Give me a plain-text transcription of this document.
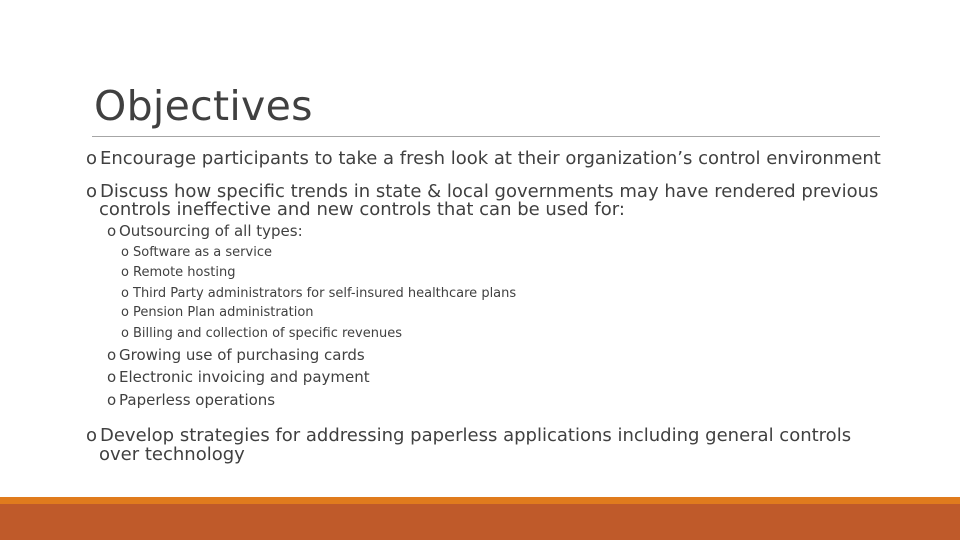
Objectives
o Encourage participants to take a fresh look at their organization’s control environment
o Discuss how specific trends in state & local governments may have rendered previous
controls ineffective and new controls that can be used for:
o Outsourcing of all types:
o Software as a service
o Remote hosting
o Third Party administrators for self-insured healthcare plans
o Pension Plan administration
o Billing and collection of specific revenues
o Growing use of purchasing cards
o Electronic invoicing and payment
o Paperless operations
o Develop strategies for addressing paperless applications including general controls
over technology
